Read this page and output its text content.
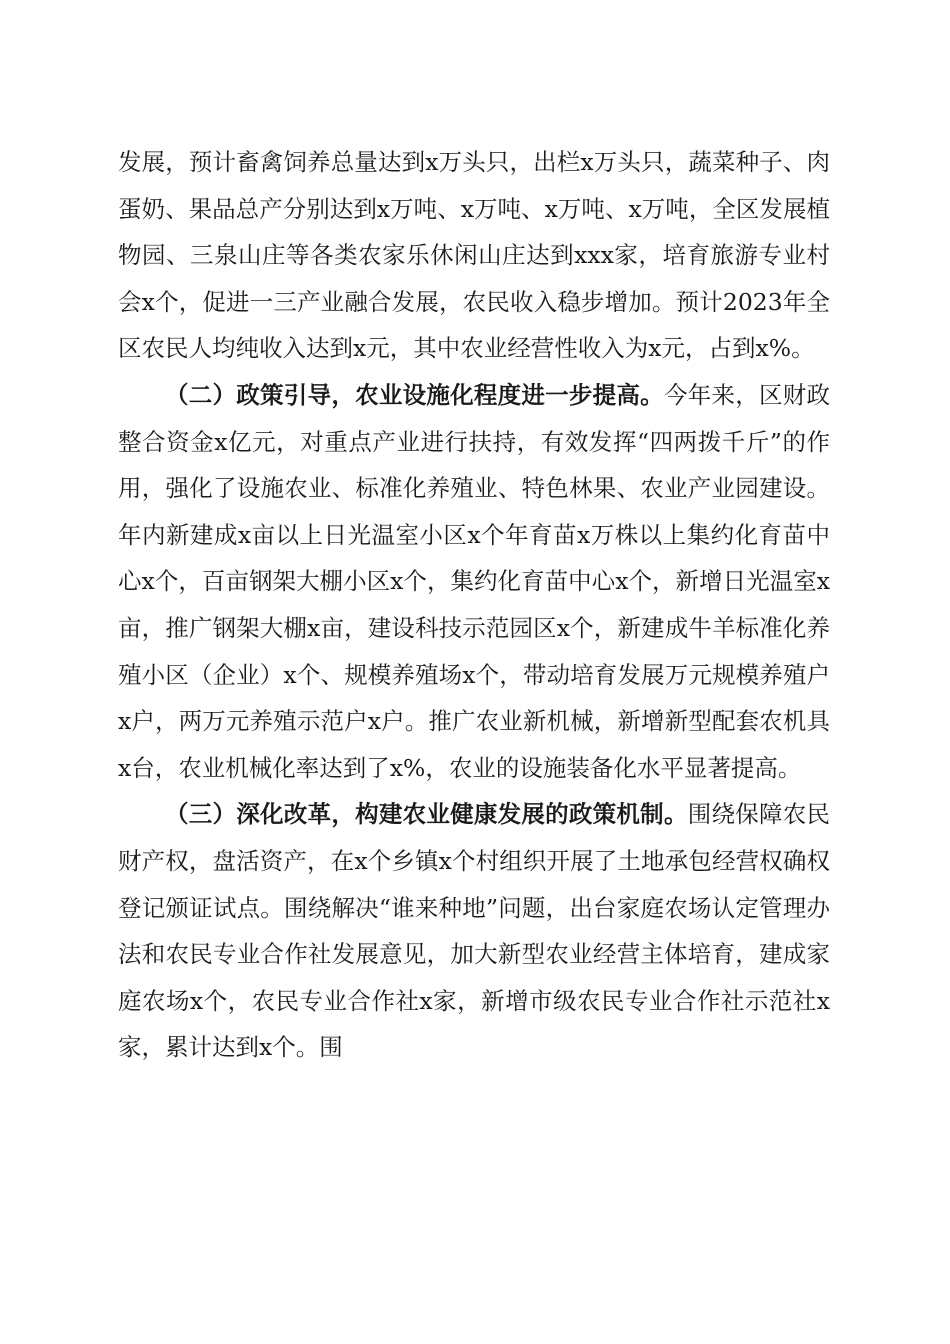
发展，预计畜禽饲养总量达到x万头只，出栏x万头只，蔬菜种子、肉蛋奶、果品总产分别达到x万吨、x万吨、x万吨、x万吨，全区发展植物园、三泉山庄等各类农家乐休闲山庄达到xxx家，培育旅游专业村会x个，促进一三产业融合发展，农民收入稳步增加。预计2023年全区农民人均纯收入达到x元，其中农业经营性收入为x元，占到x%。

（二）政策引导，农业设施化程度进一步提高。今年来，区财政整合资金x亿元，对重点产业进行扶持，有效发挥“四两拨千斤”的作用，强化了设施农业、标准化养殖业、特色林果、农业产业园建设。年内新建成x亩以上日光温室小区x个年育苗x万株以上集约化育苗中心x个，百亩钢架大棚小区x个，集约化育苗中心x个，新增日光温室x亩，推广钢架大棚x亩，建设科技示范园区x个，新建成牛羊标准化养殖小区（企业）x个、规模养殖场x个，带动培育发展万元规模养殖户x户，两万元养殖示范户x户。推广农业新机械，新增新型配套农机具x台，农业机械化率达到了x%，农业的设施装备化水平显著提高。

（三）深化改革，构建农业健康发展的政策机制。围绕保障农民财产权，盘活资产，在x个乡镇x个村组织开展了土地承包经营权确权登记颁证试点。围绕解决“谁来种地”问题，出台家庭农场认定管理办法和农民专业合作社发展意见，加大新型农业经营主体培育，建成家庭农场x个，农民专业合作社x家，新增市级农民专业合作社示范社x家，累计达到x个。围
